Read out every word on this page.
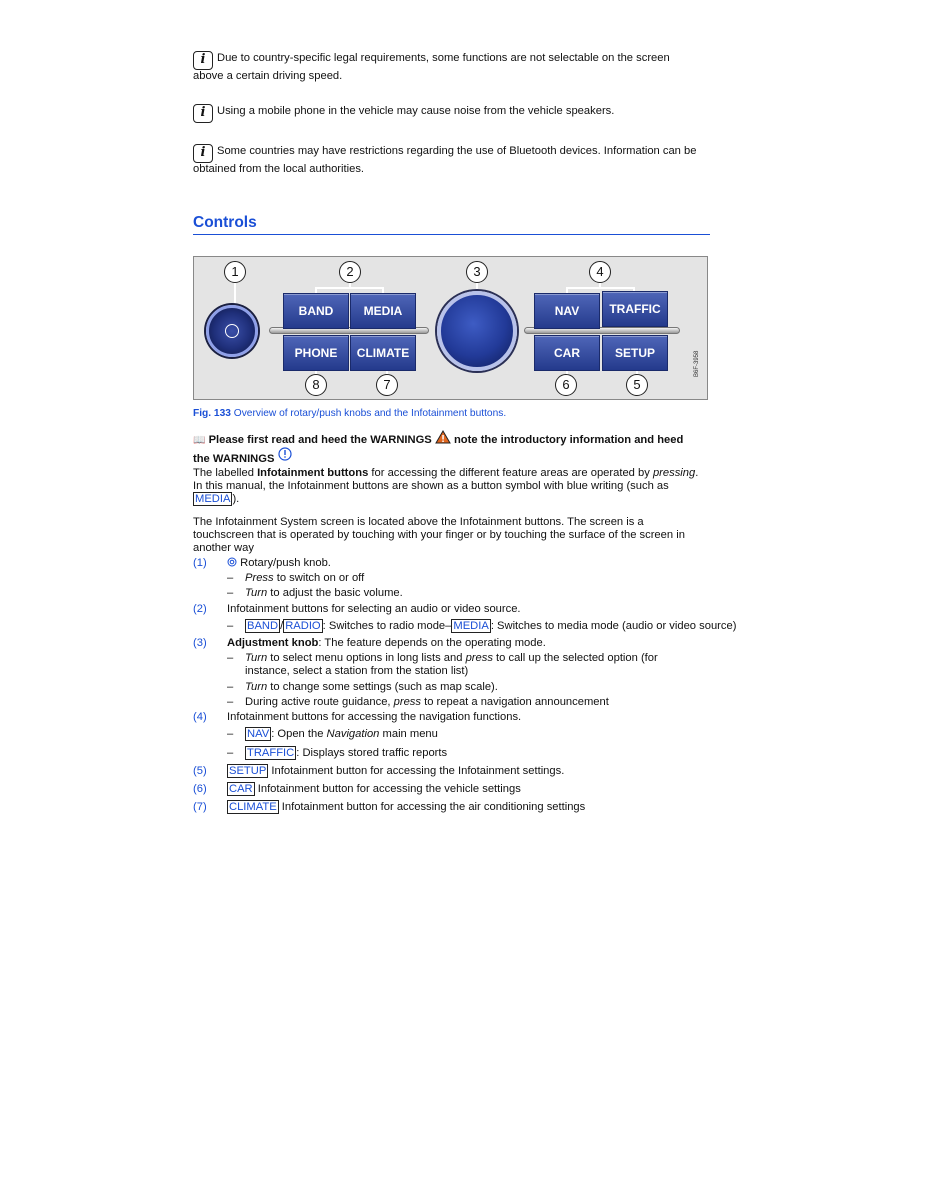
i Due to country-specific legal requirements, some functions are not selectable on the screen
above a certain driving speed.
i Using a mobile phone in the vehicle may cause noise from the vehicle speakers.
i Some countries may have restrictions regarding the use of Bluetooth devices. Information can be
obtained from the local authorities.
Controls
BAND	MEDIA
PHONE	CLIMATE
NAV	TRAFFIC
CAR	SETUP
1	2	3	4
5
6
7
8
B6F-3958
Fig. 133 Overview of rotary/push knobs and the Infotainment buttons.
📖 Please first read and heed the WARNINGS note the introductory information and heed
the WARNINGS
The labelled Infotainment buttons for accessing the different feature areas are operated by pressing.
In this manual, the Infotainment buttons are shown as a button symbol with blue writing (such as
MEDIA ).
The Infotainment System screen is located above the Infotainment buttons. The screen is a
touchscreen that is operated by touching with your finger or by touching the surface of the screen in
another way
(1)	Rotary/push knob.
– Press to switch on or off
– Turn to adjust the basic volume.
(2) Infotainment buttons for selecting an audio or video source.
– BAND / RADIO : Switches to radio mode– MEDIA : Switches to media mode (audio or video source)
(3) Adjustment knob: The feature depends on the operating mode.
– Turn to select menu options in long lists and press to call up the selected option (for
instance, select a station from the station list)
– Turn to change some settings (such as map scale).
– During active route guidance, press to repeat a navigation announcement
(4) Infotainment buttons for accessing the navigation functions.
– NAV : Open the Navigation main menu
– TRAFFIC : Displays stored traffic reports
(5) SETUP Infotainment button for accessing the Infotainment settings.
(6) CAR Infotainment button for accessing the vehicle settings
(7) CLIMATE Infotainment button for accessing the air conditioning settings
